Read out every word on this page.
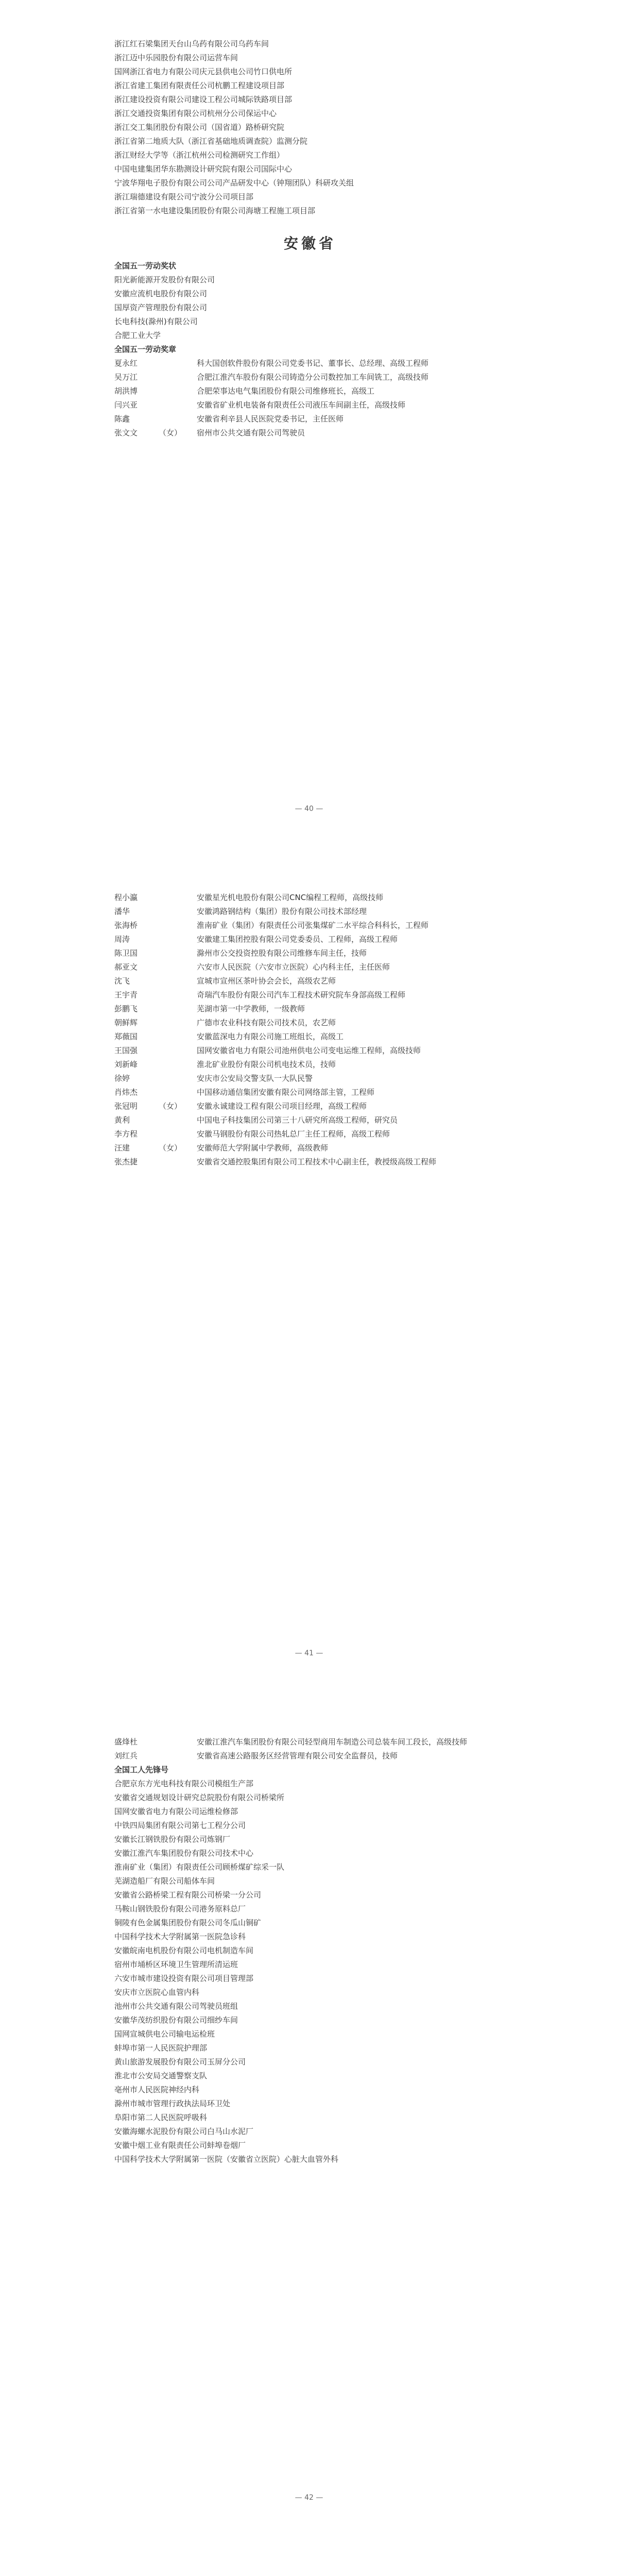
浙江红石梁集团天台山乌药有限公司乌药车间
浙江迈中乐园股份有限公司运营车间
国网浙江省电力有限公司庆元县供电公司竹口供电所
浙江省建工集团有限责任公司杭鹏工程建设项目部
浙江建设投资有限公司建设工程公司城际铁路项目部
浙江交通投资集团有限公司杭州分公司保运中心
浙江交工集团股份有限公司（国省道）路桥研究院
浙江省第二地质大队（浙江省基础地质调查院）监测分院
浙江财经大学等（浙江杭州公司检测研究工作组）
中国电建集团华东勘测设计研究院有限公司国际中心
宁波华翔电子股份有限公司公司产品研发中心（钟翔团队）科研攻关组
浙江瑞德建设有限公司宁波分公司项目部
浙江省第一水电建设集团股份有限公司海塘工程施工项目部
安徽省
全国五一劳动奖状
阳光新能源开发股份有限公司
安徽应流机电股份有限公司
国厚资产管理股份有限公司
长电科技(滁州)有限公司
合肥工业大学
全国五一劳动奖章
夏永红	科大国创软件股份有限公司党委书记、董事长、总经理、高级工程师
吴万江	合肥江淮汽车股份有限公司铸造分公司数控加工车间铣工，高级技师
胡洪博	合肥荣事达电气集团股份有限公司维修班长，高级工
闫兴亚	安徽省矿业机电装备有限责任公司液压车间副主任，高级技师
陈鑫	安徽省利辛县人民医院党委书记，主任医师
张文文	（女）	宿州市公共交通有限公司驾驶员
— 40 —
程小瀛	安徽星光机电股份有限公司CNC编程工程师，高级技师
潘华	安徽鸿路钢结构（集团）股份有限公司技术部经理
张海桥	淮南矿业（集团）有限责任公司张集煤矿二水平综合科科长，工程师
周涛	安徽建工集团控股有限公司党委委员、工程师，高级工程师
陈卫国	滁州市公交投资控股有限公司维修车间主任，技师
郝亚文	六安市人民医院（六安市立医院）心内科主任，主任医师
沈飞	宣城市宣州区茶叶协会会长，高级农艺师
王宇青	奇瑞汽车股份有限公司汽车工程技术研究院车身部高级工程师
彭鹏飞	芜湖市第一中学教师，一级教师
朝鲜辉	广德市农业科技有限公司技术员，农艺师
郑薇国	安徽蓝深电力有限公司施工班组长，高级工
王国强	国网安徽省电力有限公司池州供电公司变电运维工程师，高级技师
刘新峰	淮北矿业股份有限公司机电技术员，技师
徐婷	安庆市公安局交警支队一大队民警
肖炜杰	中国移动通信集团安徽有限公司网络部主管，工程师
张冠明	（女）	安徽永诚建设工程有限公司项目经理，高级工程师
黄利	中国电子科技集团公司第三十八研究所高级工程师，研究员
李方程	安徽马钢股份有限公司热轧总厂主任工程师，高级工程师
汪建	（女）	安徽师范大学附属中学教师，高级教师
张杰捷	安徽省交通控股集团有限公司工程技术中心副主任，教授级高级工程师
— 41 —
盛烽杜	安徽江淮汽车集团股份有限公司轻型商用车制造公司总装车间工段长，高级技师
刘红兵	安徽省高速公路服务区经营管理有限公司安全监督员，技师
全国工人先锋号
合肥京东方光电科技有限公司模组生产部
安徽省交通规划设计研究总院股份有限公司桥梁所
国网安徽省电力有限公司运维检修部
中铁四局集团有限公司第七工程分公司
安徽长江钢铁股份有限公司炼钢厂
安徽江淮汽车集团股份有限公司技术中心
淮南矿业（集团）有限责任公司顾桥煤矿综采一队
芜湖造船厂有限公司船体车间
安徽省公路桥梁工程有限公司桥梁一分公司
马鞍山钢铁股份有限公司港务原料总厂
铜陵有色金属集团股份有限公司冬瓜山铜矿
中国科学技术大学附属第一医院急诊科
安徽皖南电机股份有限公司电机制造车间
宿州市埇桥区环境卫生管理所清运班
六安市城市建设投资有限公司项目管理部
安庆市立医院心血管内科
池州市公共交通有限公司驾驶员班组
安徽华茂纺织股份有限公司细纱车间
国网宣城供电公司输电运检班
蚌埠市第一人民医院护理部
黄山旅游发展股份有限公司玉屏分公司
淮北市公安局交通警察支队
亳州市人民医院神经内科
滁州市城市管理行政执法局环卫处
阜阳市第二人民医院呼吸科
安徽海螺水泥股份有限公司白马山水泥厂
安徽中烟工业有限责任公司蚌埠卷烟厂
中国科学技术大学附属第一医院（安徽省立医院）心脏大血管外科
— 42 —
